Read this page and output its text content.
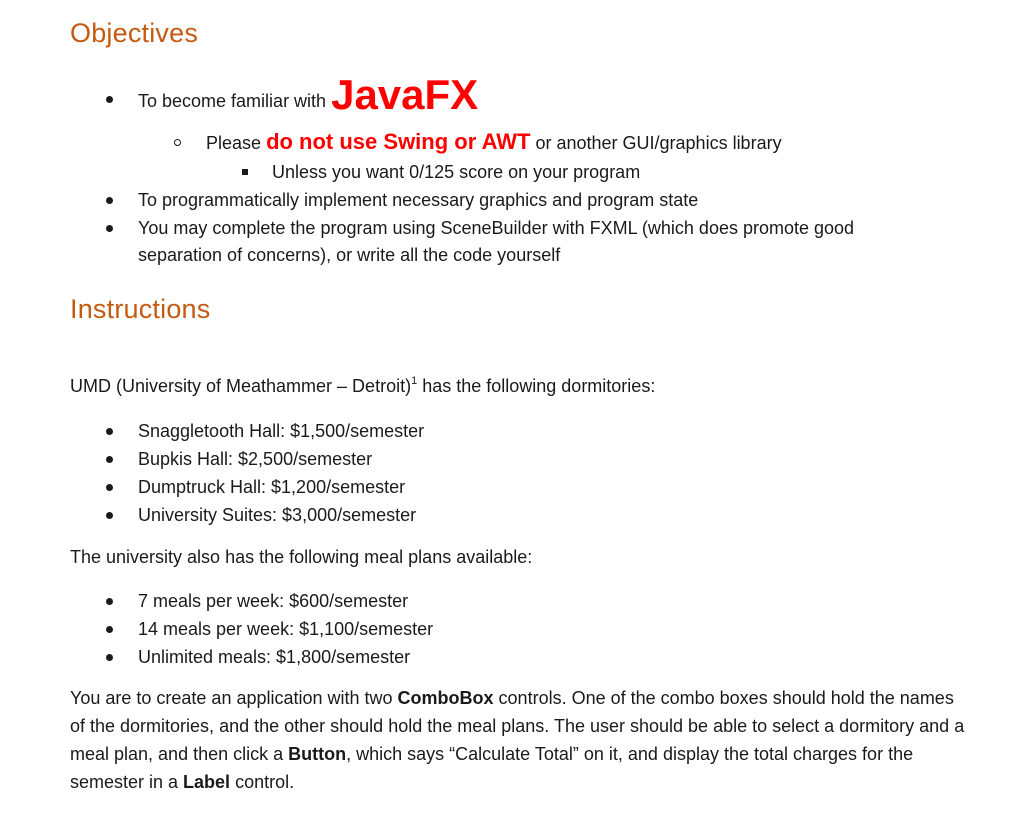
Objectives
To become familiar with JavaFX
Please do not use Swing or AWT or another GUI/graphics library
Unless you want 0/125 score on your program
To programmatically implement necessary graphics and program state
You may complete the program using SceneBuilder with FXML (which does promote good
separation of concerns), or write all the code yourself
Instructions
UMD (University of Meathammer – Detroit)$^1$ has the following dormitories:
Snaggletooth Hall: $1,500/semester
Bupkis Hall: $2,500/semester
Dumptruck Hall: $1,200/semester
University Suites: $3,000/semester
The university also has the following meal plans available:
7 meals per week: $600/semester
14 meals per week: $1,100/semester
Unlimited meals: $1,800/semester
You are to create an application with two ComboBox controls. One of the combo boxes should hold the names of the dormitories, and the other should hold the meal plans. The user should be able to select a dormitory and a meal plan, and then click a Button, which says “Calculate Total” on it, and display the total charges for the semester in a Label control.
